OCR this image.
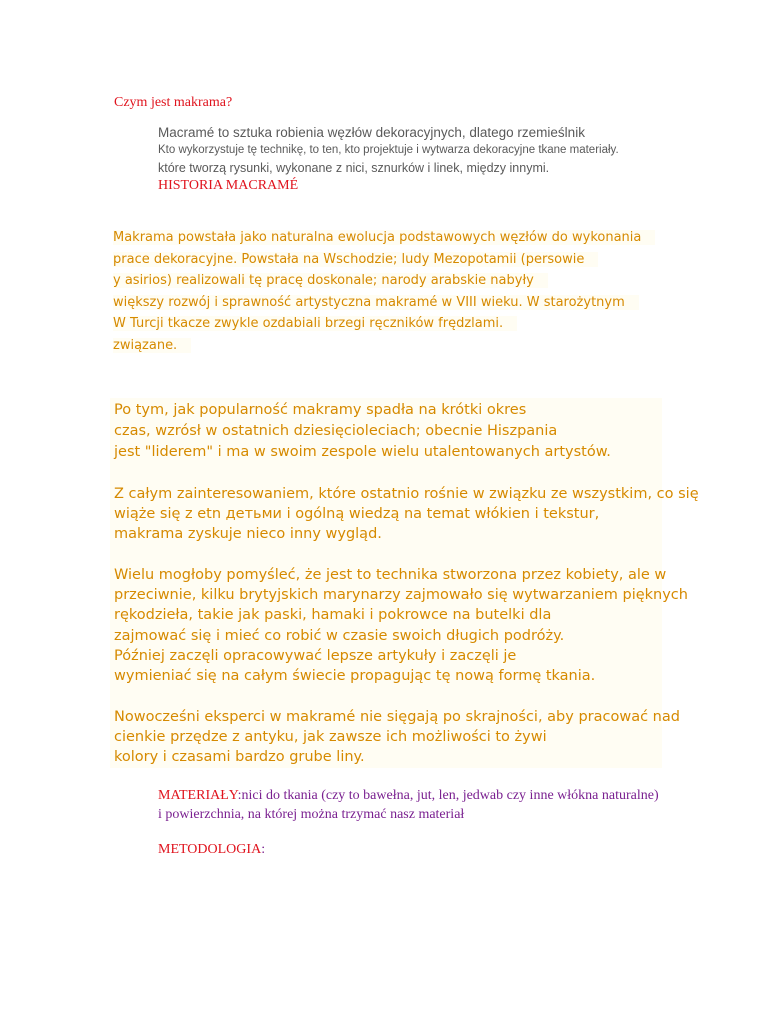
Czym jest makrama?
Macramé to sztuka robienia węzłów dekoracyjnych, dlatego rzemieślnik
Kto wykorzystuje tę technikę, to ten, kto projektuje i wytwarza dekoracyjne tkane materiały.
które tworzą rysunki, wykonane z nici, sznurków i linek, między innymi.
HISTORIA MACRAMÉ
Makrama powstała jako naturalna ewolucja podstawowych węzłów do wykonania
prace dekoracyjne. Powstała na Wschodzie; ludy Mezopotamii (persowie
y asirios) realizowali tę pracę doskonale; narody arabskie nabyły
większy rozwój i sprawność artystyczna makramé w VIII wieku. W starożytnym
W Turcji tkacze zwykle ozdabiali brzegi ręczników frędzlami.
związane.
Po tym, jak popularność makramy spadła na krótki okres
czas, wzrósł w ostatnich dziesięcioleciach; obecnie Hiszpania
jest "liderem" i ma w swoim zespole wielu utalentowanych artystów.
Z całym zainteresowaniem, które ostatnio rośnie w związku ze wszystkim, co się
wiąże się z etn детьми i ogólną wiedzą na temat włókien i tekstur,
makrama zyskuje nieco inny wygląd.
Wielu mogłoby pomyśleć, że jest to technika stworzona przez kobiety, ale w
przeciwnie, kilku brytyjskich marynarzy zajmowało się wytwarzaniem pięknych
rękodzieła, takie jak paski, hamaki i pokrowce na butelki dla
zajmować się i mieć co robić w czasie swoich długich podróży.
Później zaczęli opracowywać lepsze artykuły i zaczęli je
wymieniać się na całym świecie propagując tę nową formę tkania.
Nowocześni eksperci w makramé nie sięgają po skrajności, aby pracować nad
cienkie przędze z antyku, jak zawsze ich możliwości to żywi
kolory i czasami bardzo grube liny.
MATERIAŁY:nici do tkania (czy to bawełna, jut, len, jedwab czy inne włókna naturalne)
i powierzchnia, na której można trzymać nasz materiał
METODOLOGIA:
